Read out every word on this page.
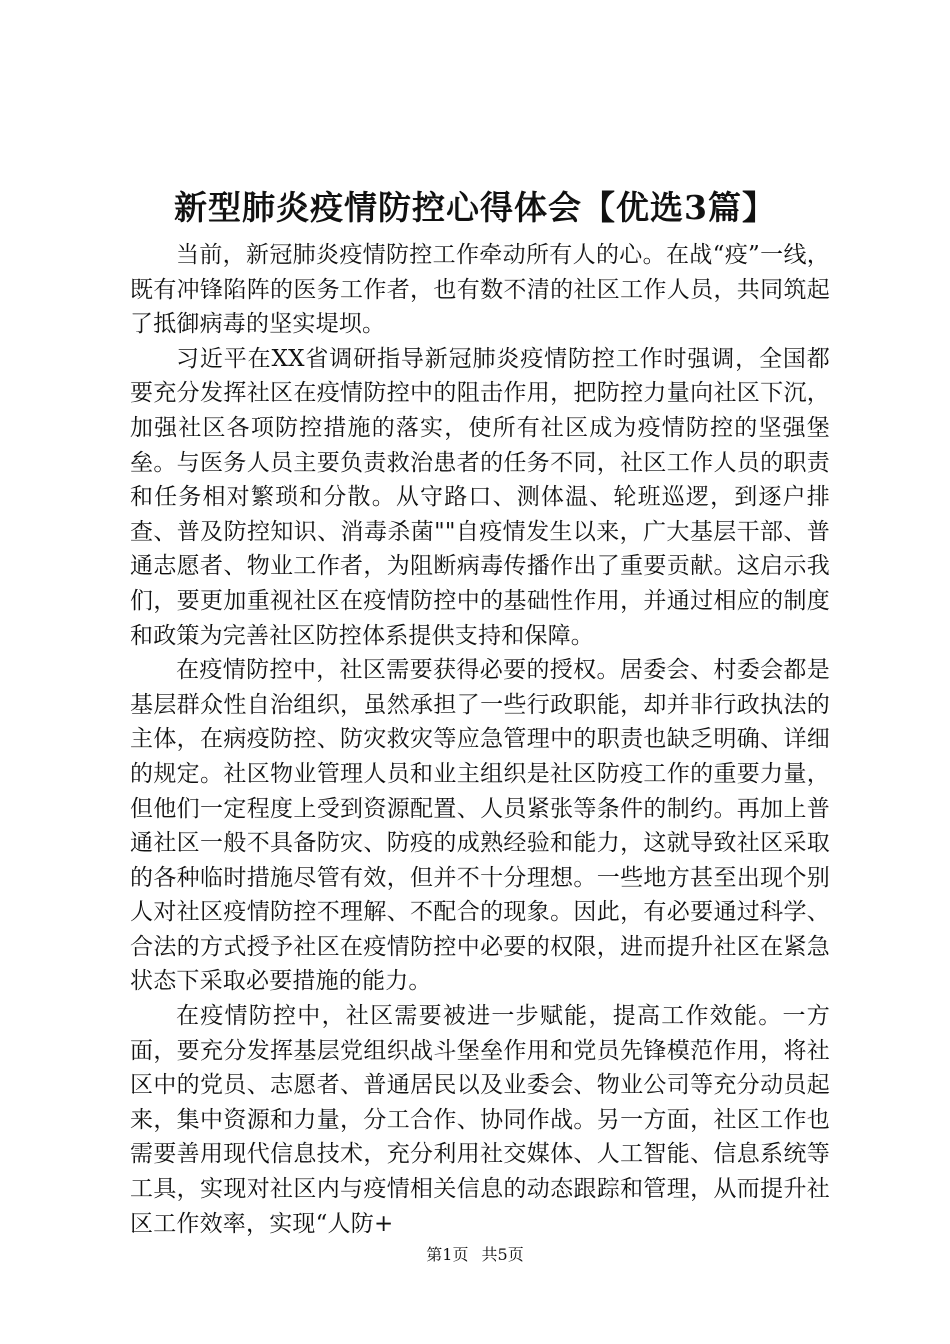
新型肺炎疫情防控心得体会【优选3篇】

当前，新冠肺炎疫情防控工作牵动所有人的心。在战“疫”一线，既有冲锋陷阵的医务工作者，也有数不清的社区工作人员，共同筑起了抵御病毒的坚实堤坝。

习近平在XX省调研指导新冠肺炎疫情防控工作时强调，全国都要充分发挥社区在疫情防控中的阻击作用，把防控力量向社区下沉，加强社区各项防控措施的落实，使所有社区成为疫情防控的坚强堡垒。与医务人员主要负责救治患者的任务不同，社区工作人员的职责和任务相对繁琐和分散。从守路口、测体温、轮班巡逻，到逐户排查、普及防控知识、消毒杀菌""自疫情发生以来，广大基层干部、普通志愿者、物业工作者，为阻断病毒传播作出了重要贡献。这启示我们，要更加重视社区在疫情防控中的基础性作用，并通过相应的制度和政策为完善社区防控体系提供支持和保障。

在疫情防控中，社区需要获得必要的授权。居委会、村委会都是基层群众性自治组织，虽然承担了一些行政职能，却并非行政执法的主体，在病疫防控、防灾救灾等应急管理中的职责也缺乏明确、详细的规定。社区物业管理人员和业主组织是社区防疫工作的重要力量，但他们一定程度上受到资源配置、人员紧张等条件的制约。再加上普通社区一般不具备防灾、防疫的成熟经验和能力，这就导致社区采取的各种临时措施尽管有效，但并不十分理想。一些地方甚至出现个别人对社区疫情防控不理解、不配合的现象。因此，有必要通过科学、合法的方式授予社区在疫情防控中必要的权限，进而提升社区在紧急状态下采取必要措施的能力。

在疫情防控中，社区需要被进一步赋能，提高工作效能。一方面，要充分发挥基层党组织战斗堡垒作用和党员先锋模范作用，将社区中的党员、志愿者、普通居民以及业委会、物业公司等充分动员起来，集中资源和力量，分工合作、协同作战。另一方面，社区工作也需要善用现代信息技术，充分利用社交媒体、人工智能、信息系统等工具，实现对社区内与疫情相关信息的动态跟踪和管理，从而提升社区工作效率，实现“人防+

第1页 共5页
